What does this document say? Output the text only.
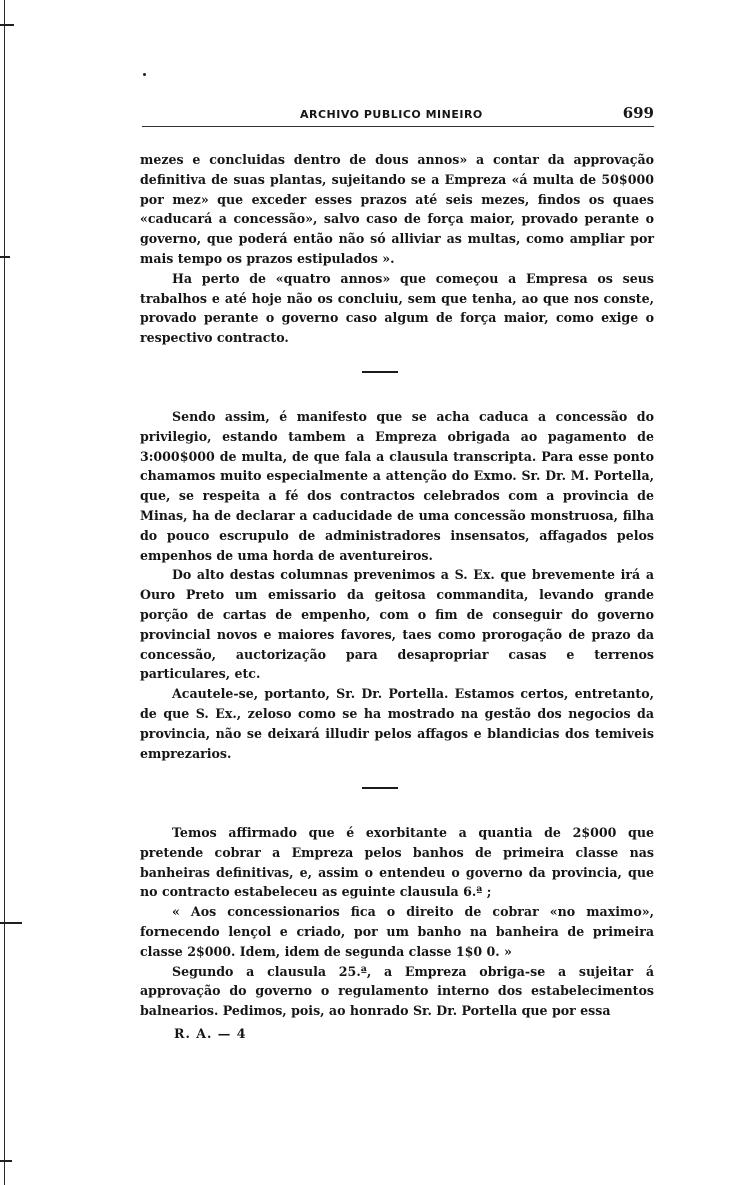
ARCHIVO PUBLICO MINEIRO	699

mezes e concluidas dentro de dous annos» a contar da approvação definitiva de suas plantas, sujeitando se a Empreza «á multa de 50$000 por mez» que exceder esses prazos até seis mezes, findos os quaes «caducará a concessão», salvo caso de força maior, provado perante o governo, que poderá então não só alliviar as multas, como ampliar por mais tempo os prazos estipulados ».

Ha perto de «quatro annos» que começou a Empresa os seus trabalhos e até hoje não os concluiu, sem que tenha, ao que nos conste, provado perante o governo caso algum de força maior, como exige o respectivo contracto.

Sendo assim, é manifesto que se acha caduca a concessão do privilegio, estando tambem a Empreza obrigada ao pagamento de 3:000$000 de multa, de que fala a clausula transcripta. Para esse ponto chamamos muito especialmente a attenção do Exmo. Sr. Dr. M. Portella, que, se respeita a fé dos contractos celebrados com a provincia de Minas, ha de declarar a caducidade de uma concessão monstruosa, filha do pouco escrupulo de administradores insensatos, affagados pelos empenhos de uma horda de aventureiros.

Do alto destas columnas prevenimos a S. Ex. que brevemente irá a Ouro Preto um emissario da geitosa commandita, levando grande porção de cartas de empenho, com o fim de conseguir do governo provincial novos e maiores favores, taes como prorogação de prazo da concessão, auctorização para desapropriar casas e terrenos particulares, etc.

Acautele-se, portanto, Sr. Dr. Portella. Estamos certos, entretanto, de que S. Ex., zeloso como se ha mostrado na gestão dos negocios da provincia, não se deixará illudir pelos affagos e blandicias dos temiveis emprezarios.

Temos affirmado que é exorbitante a quantia de 2$000 que pretende cobrar a Empreza pelos banhos de primeira classe nas banheiras definitivas, e, assim o entendeu o governo da provincia, que no contracto estabeleceu as eguinte clausula 6.ª ;

« Aos concessionarios fica o direito de cobrar «no maximo», fornecendo lençol e criado, por um banho na banheira de primeira classe 2$000. Idem, idem de segunda classe 1$0 0. »

Segundo a clausula 25.ª, a Empreza obriga-se a sujeitar á approvação do governo o regulamento interno dos estabelecimentos balnearios. Pedimos, pois, ao honrado Sr. Dr. Portella que por essa

R. A. — 4
